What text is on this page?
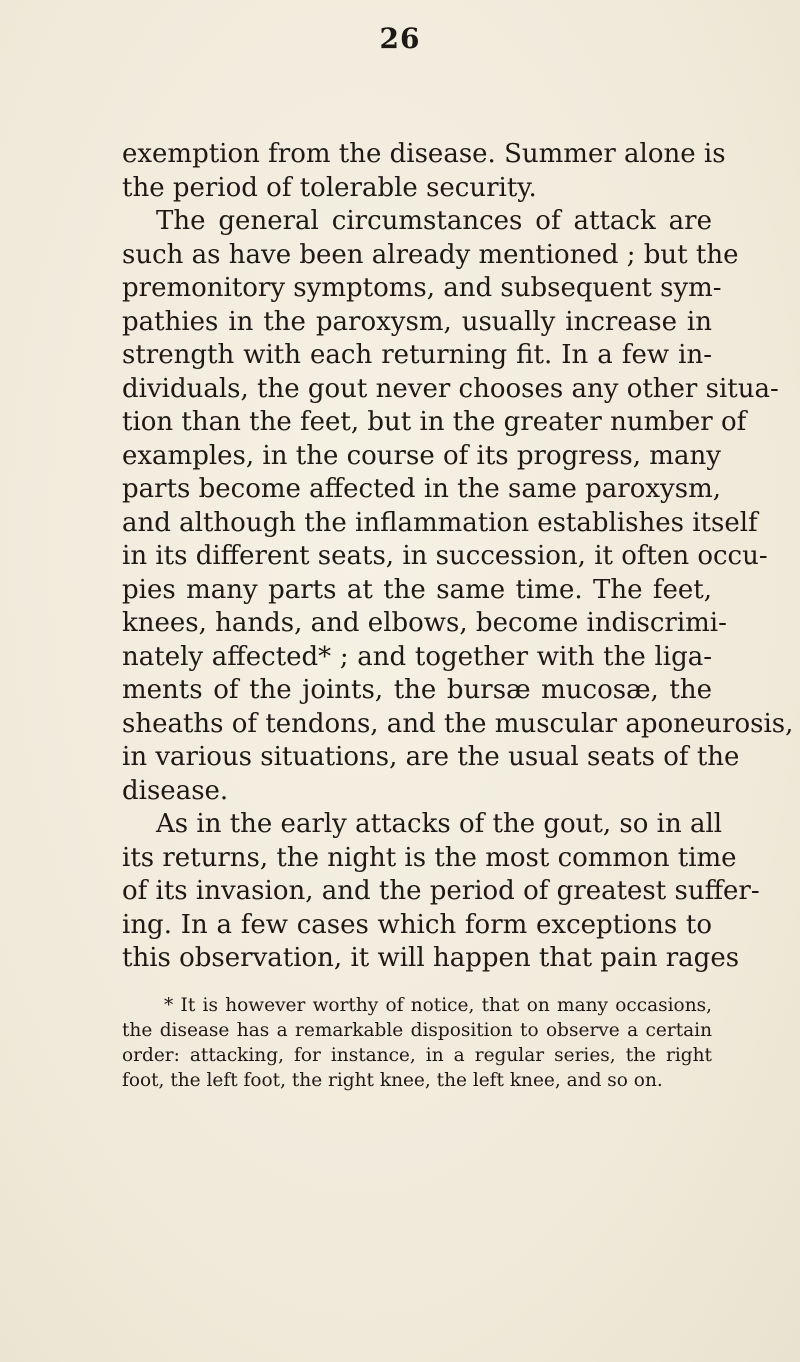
26
exemption from the disease. Summer alone is
the period of tolerable security.
The general circumstances of attack are
such as have been already mentioned ; but the
premonitory symptoms, and subsequent sym-
pathies in the paroxysm, usually increase in
strength with each returning fit. In a few in-
dividuals, the gout never chooses any other situa-
tion than the feet, but in the greater number of
examples, in the course of its progress, many
parts become affected in the same paroxysm,
and although the inflammation establishes itself
in its different seats, in succession, it often occu-
pies many parts at the same time. The feet,
knees, hands, and elbows, become indiscrimi-
nately affected* ; and together with the liga-
ments of the joints, the bursæ mucosæ, the
sheaths of tendons, and the muscular aponeurosis,
in various situations, are the usual seats of the
disease.
As in the early attacks of the gout, so in all
its returns, the night is the most common time
of its invasion, and the period of greatest suffer-
ing. In a few cases which form exceptions to
this observation, it will happen that pain rages
* It is however worthy of notice, that on many occasions,
the disease has a remarkable disposition to observe a certain
order: attacking, for instance, in a regular series, the right
foot, the left foot, the right knee, the left knee, and so on.
